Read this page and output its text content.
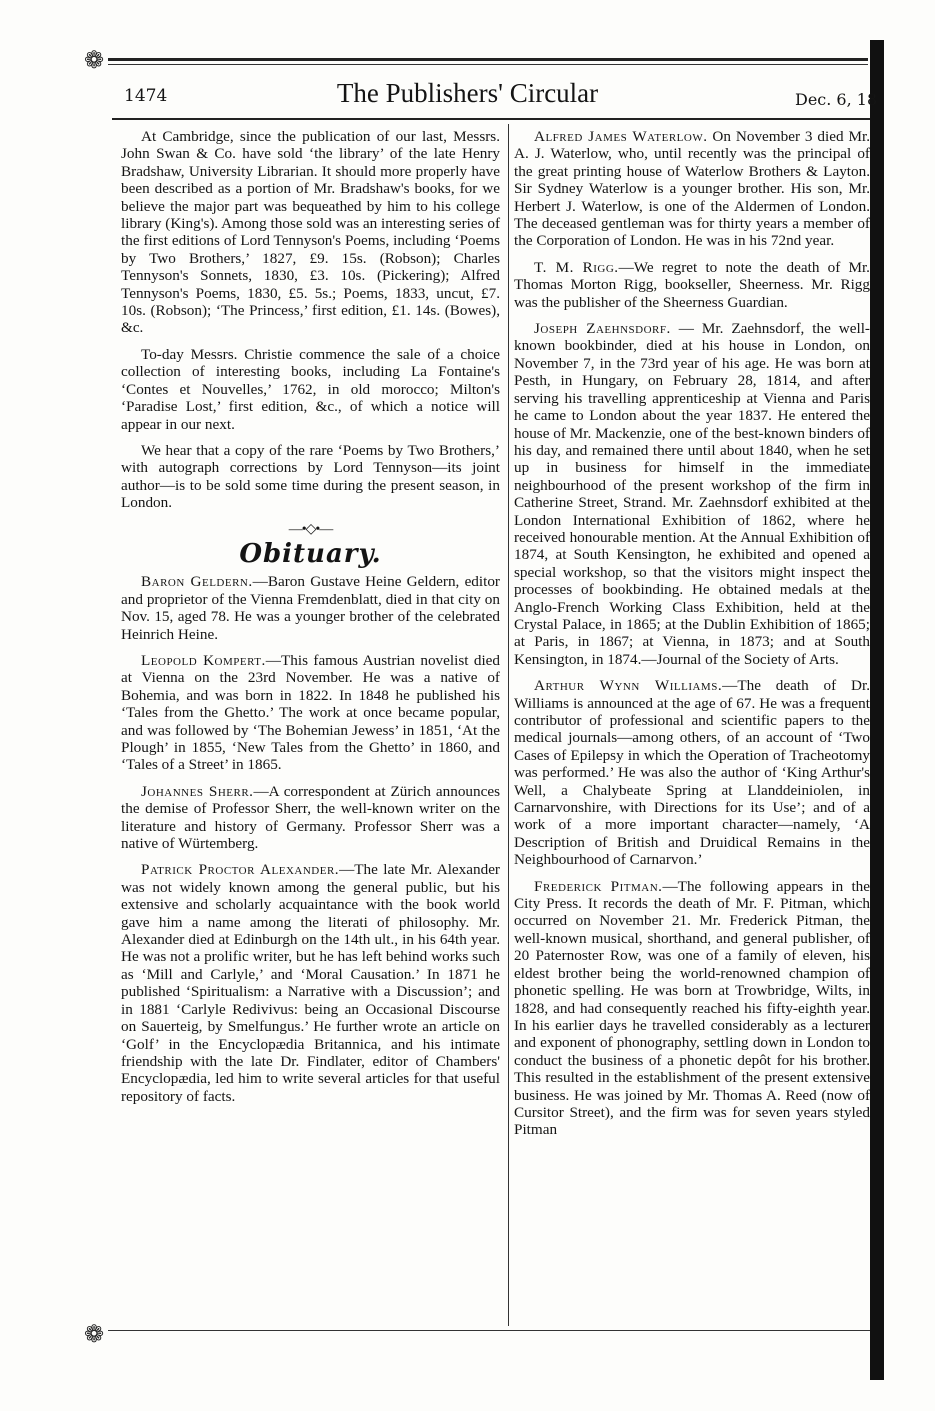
❁
❁
1474	The Publishers' Circular	Dec. 6, 18

At Cambridge, since the publication of our last, Messrs. John Swan & Co. have sold ‘the library’ of the late Henry Bradshaw, University Librarian. It should more properly have been described as a portion of Mr. Bradshaw's books, for we believe the major part was bequeathed by him to his college library (King's). Among those sold was an interesting series of the first editions of Lord Tennyson's Poems, including ‘Poems by Two Brothers,’ 1827, £9. 15s. (Robson); Charles Tennyson's Sonnets, 1830, £3. 10s. (Pickering); Alfred Tennyson's Poems, 1830, £5. 5s.; Poems, 1833, uncut, £7. 10s. (Robson); ‘The Princess,’ first edition, £1. 14s. (Bowes), &c.

To-day Messrs. Christie commence the sale of a choice collection of interesting books, including La Fontaine's ‘Contes et Nouvelles,’ 1762, in old morocco; Milton's ‘Paradise Lost,’ first edition, &c., of which a notice will appear in our next.

We hear that a copy of the rare ‘Poems by Two Brothers,’ with autograph corrections by Lord Tennyson—its joint author—is to be sold some time during the present season, in London.

—•◇•—
Obituary.

Baron Geldern.—Baron Gustave Heine Geldern, editor and proprietor of the Vienna Fremdenblatt, died in that city on Nov. 15, aged 78. He was a younger brother of the celebrated Heinrich Heine.

Leopold Kompert.—This famous Austrian novelist died at Vienna on the 23rd November. He was a native of Bohemia, and was born in 1822. In 1848 he published his ‘Tales from the Ghetto.’ The work at once became popular, and was followed by ‘The Bohemian Jewess’ in 1851, ‘At the Plough’ in 1855, ‘New Tales from the Ghetto’ in 1860, and ‘Tales of a Street’ in 1865.

Johannes Sherr.—A correspondent at Zürich announces the demise of Professor Sherr, the well-known writer on the literature and history of Germany. Professor Sherr was a native of Würtemberg.

Patrick Proctor Alexander.—The late Mr. Alexander was not widely known among the general public, but his extensive and scholarly acquaintance with the book world gave him a name among the literati of philosophy. Mr. Alexander died at Edinburgh on the 14th ult., in his 64th year. He was not a prolific writer, but he has left behind works such as ‘Mill and Carlyle,’ and ‘Moral Causation.’ In 1871 he published ‘Spiritualism: a Narrative with a Discussion’; and in 1881 ‘Carlyle Redivivus: being an Occasional Discourse on Sauerteig, by Smelfungus.’ He further wrote an article on ‘Golf’ in the Encyclopædia Britannica, and his intimate friendship with the late Dr. Findlater, editor of Chambers' Encyclopædia, led him to write several articles for that useful repository of facts.

Alfred James Waterlow. On November 3 died Mr. A. J. Waterlow, who, until recently was the principal of the great printing house of Waterlow Brothers & Layton. Sir Sydney Waterlow is a younger brother. His son, Mr. Herbert J. Waterlow, is one of the Aldermen of London. The deceased gentleman was for thirty years a member of the Corporation of London. He was in his 72nd year.

T. M. Rigg.—We regret to note the death of Mr. Thomas Morton Rigg, bookseller, Sheerness. Mr. Rigg was the publisher of the Sheerness Guardian.

Joseph Zaehnsdorf. — Mr. Zaehnsdorf, the well-known bookbinder, died at his house in London, on November 7, in the 73rd year of his age. He was born at Pesth, in Hungary, on February 28, 1814, and after serving his travelling apprenticeship at Vienna and Paris he came to London about the year 1837. He entered the house of Mr. Mackenzie, one of the best-known binders of his day, and remained there until about 1840, when he set up in business for himself in the immediate neighbourhood of the present workshop of the firm in Catherine Street, Strand. Mr. Zaehnsdorf exhibited at the London International Exhibition of 1862, where he received honourable mention. At the Annual Exhibition of 1874, at South Kensington, he exhibited and opened a special workshop, so that the visitors might inspect the processes of bookbinding. He obtained medals at the Anglo-French Working Class Exhibition, held at the Crystal Palace, in 1865; at the Dublin Exhibition of 1865; at Paris, in 1867; at Vienna, in 1873; and at South Kensington, in 1874.—Journal of the Society of Arts.

Arthur Wynn Williams.—The death of Dr. Williams is announced at the age of 67. He was a frequent contributor of professional and scientific papers to the medical journals—among others, of an account of ‘Two Cases of Epilepsy in which the Operation of Tracheotomy was performed.’ He was also the author of ‘King Arthur's Well, a Chalybeate Spring at Llanddeiniolen, in Carnarvonshire, with Directions for its Use’; and of a work of a more important character—namely, ‘A Description of British and Druidical Remains in the Neighbourhood of Carnarvon.’

Frederick Pitman.—The following appears in the City Press. It records the death of Mr. F. Pitman, which occurred on November 21. Mr. Frederick Pitman, the well-known musical, shorthand, and general publisher, of 20 Paternoster Row, was one of a family of eleven, his eldest brother being the world-renowned champion of phonetic spelling. He was born at Trowbridge, Wilts, in 1828, and had consequently reached his fifty-eighth year. In his earlier days he travelled considerably as a lecturer and exponent of phonography, settling down in London to conduct the business of a phonetic depôt for his brother. This resulted in the establishment of the present extensive business. He was joined by Mr. Thomas A. Reed (now of Cursitor Street), and the firm was for seven years styled Pitman
